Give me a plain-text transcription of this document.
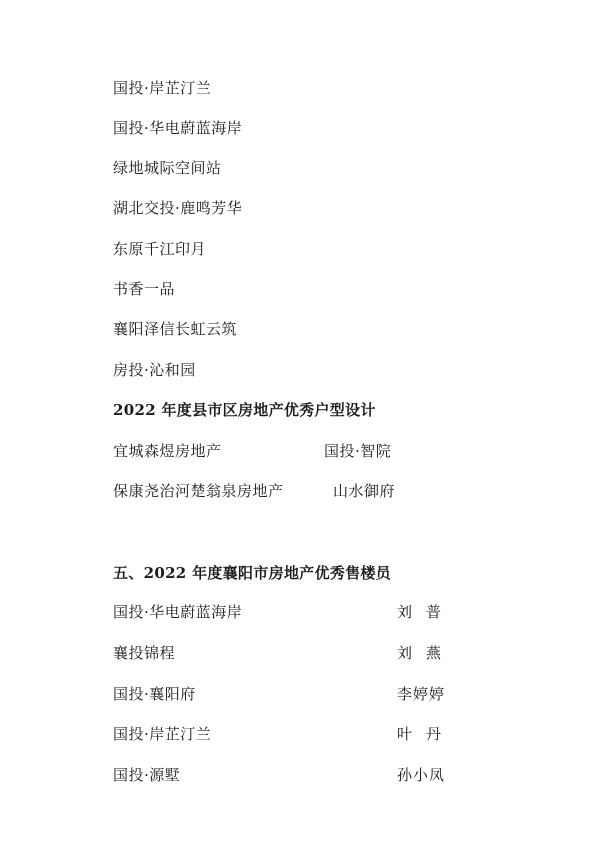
国投·岸芷汀兰
国投·华电蔚蓝海岸
绿地城际空间站
湖北交投·鹿鸣芳华
东原千江印月
书香一品
襄阳泽信长虹云筑
房投·沁和园
2022 年度县市区房地产优秀户型设计
宜城森煜房地产	国投·智院
保康尧治河楚翁泉房地产	山水御府
五、2022 年度襄阳市房地产优秀售楼员
国投·华电蔚蓝海岸	刘普
襄投锦程	刘燕
国投·襄阳府	李婷婷
国投·岸芷汀兰	叶丹
国投·源墅	孙小凤
